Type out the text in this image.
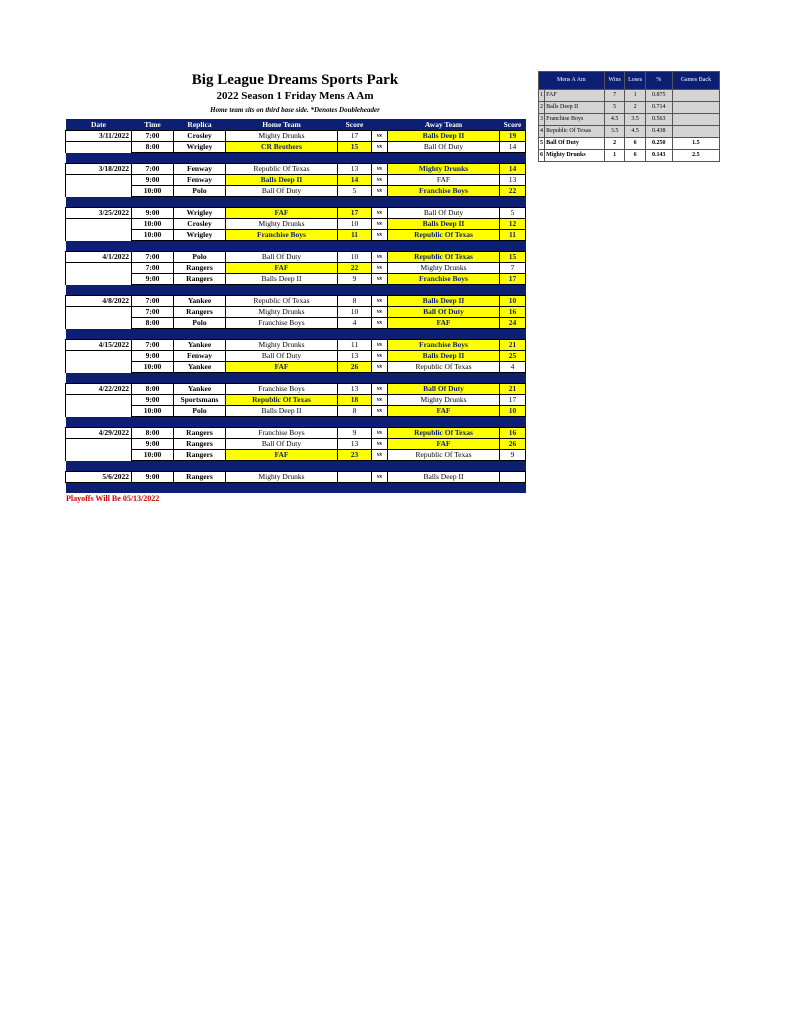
Big League Dreams Sports Park
2022 Season 1 Friday Mens A Am
Home team sits on third base side. *Denotes Doubleheader
Date	Time	Replica	Home Team	Score		Away Team	Score
3/11/2022	7:00	Crosley	Mighty Drunks	17	vs	Balls Deep II	19
	8:00	Wrigley	CR Brothers	15	vs	Ball Of Duty	14

3/18/2022	7:00	Fenway	Republic Of Texas	13	vs	Mighty Drunks	14
	9:00	Fenway	Balls Deep II	14	vs	FAF	13
	10:00	Polo	Ball Of Duty	5	vs	Franchise Boys	22

3/25/2022	9:00	Wrigley	FAF	17	vs	Ball Of Duty	5
	10:00	Crosley	Mighty Drunks	10	vs	Balls Deep II	12
	10:00	Wrigley	Franchise Boys	11	vs	Republic Of Texas	11

4/1/2022	7:00	Polo	Ball Of Duty	10	vs	Republic Of Texas	15
	7:00	Rangers	FAF	22	vs	Mighty Drunks	7
	9:00	Rangers	Balls Deep II	9	vs	Franchise Boys	17

4/8/2022	7:00	Yankee	Republic Of Texas	8	vs	Balls Deep II	10
	7:00	Rangers	Mighty Drunks	10	vs	Ball Of Duty	16
	8:00	Polo	Franchise Boys	4	vs	FAF	24

4/15/2022	7:00	Yankee	Mighty Drunks	11	vs	Franchise Boys	21
	9:00	Fenway	Ball Of Duty	13	vs	Balls Deep II	25
	10:00	Yankee	FAF	26	vs	Republic Of Texas	4

4/22/2022	8:00	Yankee	Franchise Boys	13	vs	Ball Of Duty	21
	9:00	Sportsmans	Republic Of Texas	18	vs	Mighty Drunks	17
	10:00	Polo	Balls Deep II	8	vs	FAF	10

4/29/2022	8:00	Rangers	Franchise Boys	9	vs	Republic Of Texas	16
	9:00	Rangers	Ball Of Duty	13	vs	FAF	26
	10:00	Rangers	FAF	23	vs	Republic Of Texas	9

5/6/2022	9:00	Rangers	Mighty Drunks		vs	Balls Deep II	

Mens A Am		Wins	Loses	%	Games Back
1	FAF	7	1	0.875	
2	Balls Deep II	5	2	0.714	
3	Franchise Boys	4.5	3.5	0.563	
4	Republic Of Texas	3.5	4.5	0.438	
5	Ball Of Duty	2	6	0.250	1.5
6	Mighty Drunks	1	6	0.143	2.5
Playoffs Will Be 05/13/2022
